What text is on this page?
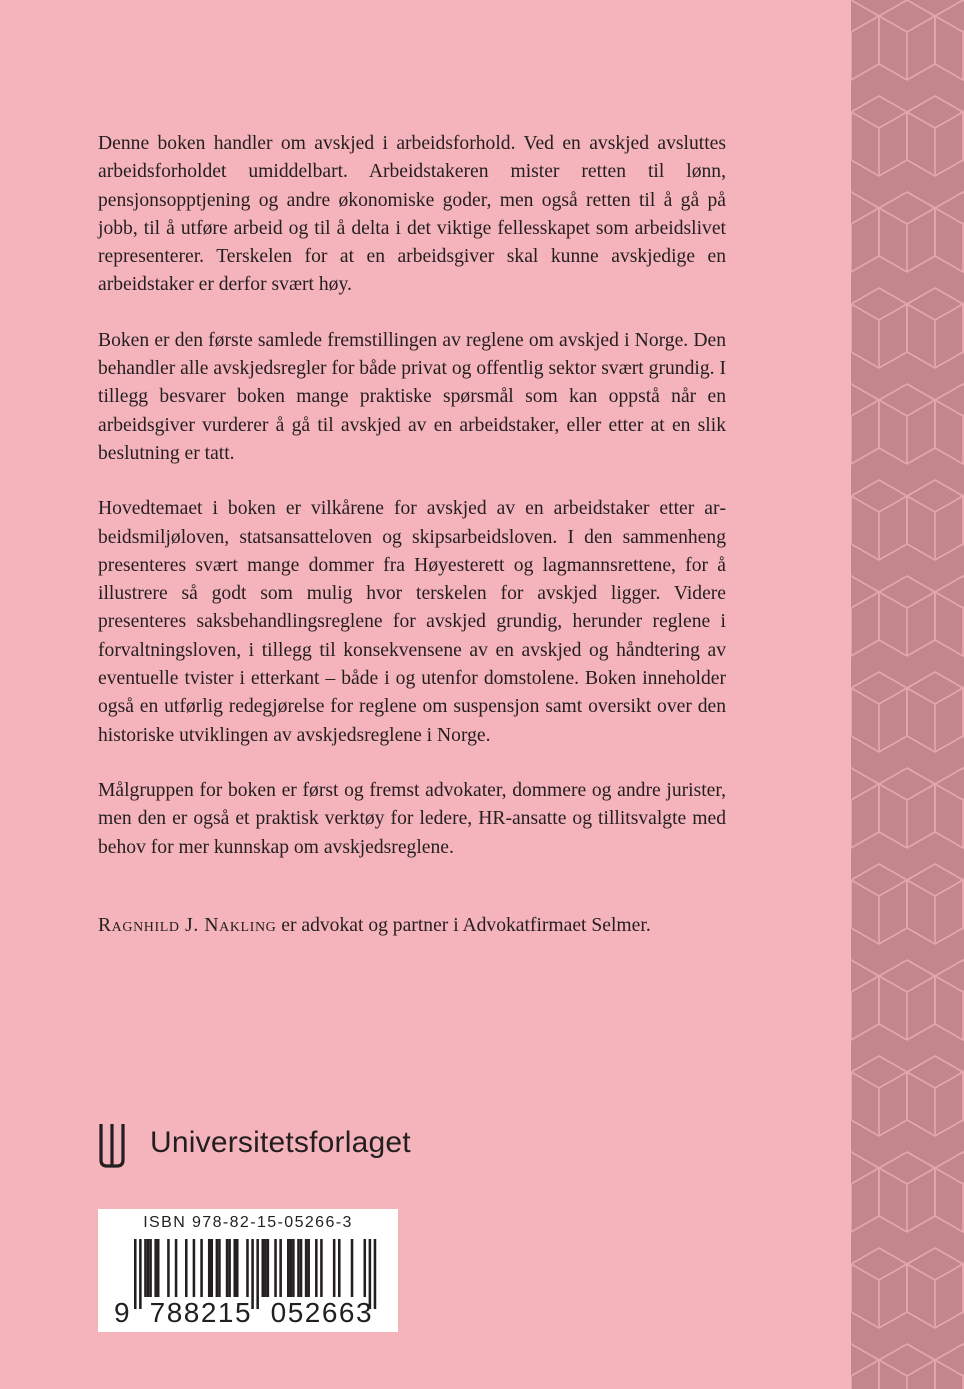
Denne boken handler om avskjed i arbeidsforhold. Ved en avskjed avsluttes arbeidsforholdet umiddelbart. Arbeidstakeren mister retten til lønn, pensjonsopptjening og andre økonomiske goder, men også retten til å gå på jobb, til å utføre arbeid og til å delta i det viktige fellesskapet som arbeidslivet representerer. Terskelen for at en arbeidsgiver skal kunne avskjedige en arbeidstaker er derfor svært høy.

Boken er den første samlede fremstillingen av reglene om avskjed i Norge. Den behandler alle avskjedsregler for både privat og offentlig sektor svært grundig. I tillegg besvarer boken mange praktiske spørsmål som kan oppstå når en arbeidsgiver vurderer å gå til avskjed av en arbeidstaker, eller etter at en slik beslutning er tatt.

Hovedtemaet i boken er vilkårene for avskjed av en arbeidstaker etter arbeidsmiljøloven, statsansatteloven og skipsarbeidsloven. I den sammenheng presenteres svært mange dommer fra Høyesterett og lagmannsrettene, for å illustrere så godt som mulig hvor terskelen for avskjed ligger. Videre presenteres saksbehandlingsreglene for avskjed grundig, herunder reglene i forvaltningsloven, i tillegg til konsekvensene av en avskjed og håndtering av eventuelle tvister i etterkant – både i og utenfor domstolene. Boken inneholder også en utførlig redegjørelse for reglene om suspensjon samt oversikt over den historiske utviklingen av avskjedsreglene i Norge.

Målgruppen for boken er først og fremst advokater, dommere og andre jurister, men den er også et praktisk verktøy for ledere, HR-ansatte og tillitsvalgte med behov for mer kunnskap om avskjedsreglene.

Ragnhild J. Nakling er advokat og partner i Advokatfirmaet Selmer.

Universitetsforlaget
ISBN 978-82-15-05266-3
9  788215  052663
